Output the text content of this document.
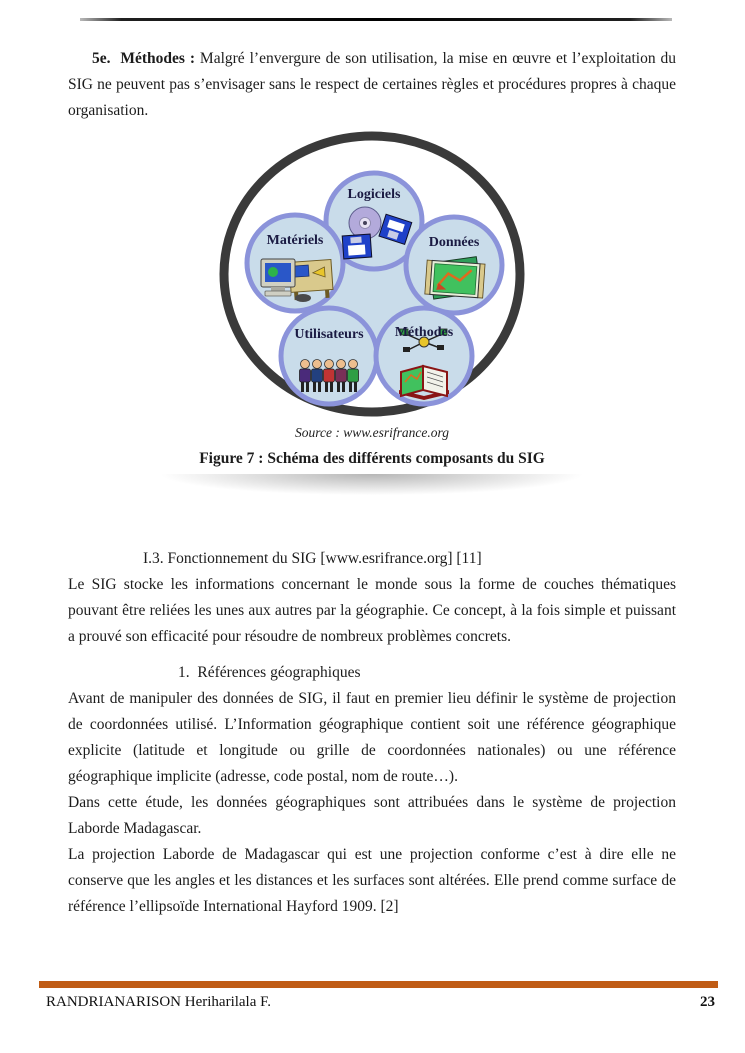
5e.  Méthodes : Malgré l’envergure de son utilisation, la mise en œuvre et l’exploitation du SIG ne peuvent pas s’envisager sans le respect de certaines règles et procédures propres à chaque organisation.

Logiciels
Matériels	Données
Utilisateurs Méthodes
Source : www.esrifrance.org
Figure 7 : Schéma des différents composants du SIG
I.3. Fonctionnement du SIG [www.esrifrance.org] [11]

Le SIG stocke les informations concernant le monde sous la forme de couches thématiques pouvant être reliées les unes aux autres par la géographie. Ce concept, à la fois simple et puissant a prouvé son efficacité pour résoudre de nombreux problèmes concrets.

1.  Références géographiques

Avant de manipuler des données de SIG, il faut en premier lieu définir le système de projection de coordonnées utilisé. L’Information géographique contient soit une référence géographique explicite (latitude et longitude ou grille de coordonnées nationales) ou une référence géographique implicite (adresse, code postal, nom de route…).

Dans cette étude, les données géographiques sont attribuées dans le système de projection Laborde Madagascar.

La projection Laborde de Madagascar qui est une projection conforme c’est à dire elle ne conserve que les angles et les distances et les surfaces sont altérées. Elle prend comme surface de référence l’ellipsoïde International Hayford 1909. [2]

RANDRIANARISON Heriharilala F.	23
